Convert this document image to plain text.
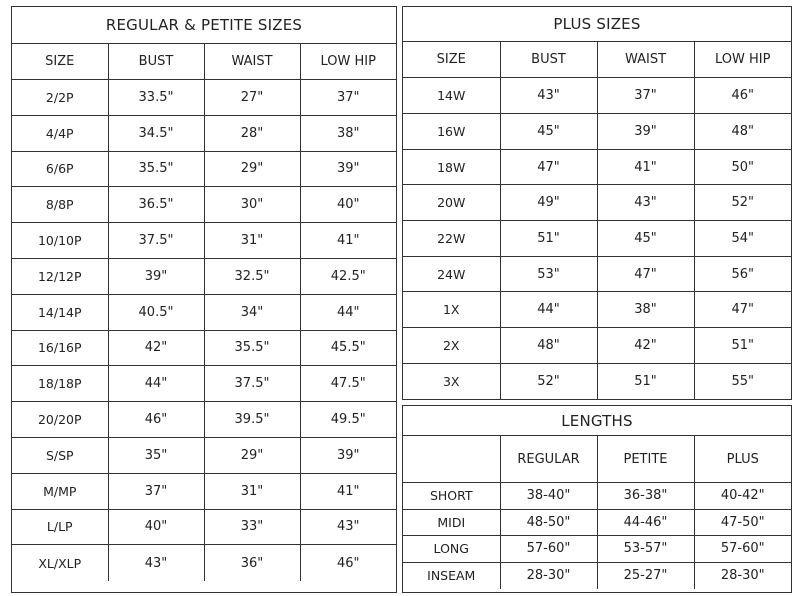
REGULAR & PETITE SIZES
SIZE	BUST	WAIST	LOW HIP
2/2P	33.5"	27"	37"
4/4P	34.5"	28"	38"
6/6P	35.5"	29"	39"
8/8P	36.5"	30"	40"
10/10P	37.5"	31"	41"
12/12P	39"	32.5"	42.5"
14/14P	40.5"	34"	44"
16/16P	42"	35.5"	45.5"
18/18P	44"	37.5"	47.5"
20/20P	46"	39.5"	49.5"
S/SP	35"	29"	39"
M/MP	37"	31"	41"
L/LP	40"	33"	43"
XL/XLP	43"	36"	46"
PLUS SIZES
SIZE	BUST	WAIST	LOW HIP
14W	43"	37"	46"
16W	45"	39"	48"
18W	47"	41"	50"
20W	49"	43"	52"
22W	51"	45"	54"
24W	53"	47"	56"
1X	44"	38"	47"
2X	48"	42"	51"
3X	52"	51"	55"
LENGTHS
	REGULAR	PETITE	PLUS
SHORT	38-40"	36-38"	40-42"
MIDI	48-50"	44-46"	47-50"
LONG	57-60"	53-57"	57-60"
INSEAM	28-30"	25-27"	28-30"
